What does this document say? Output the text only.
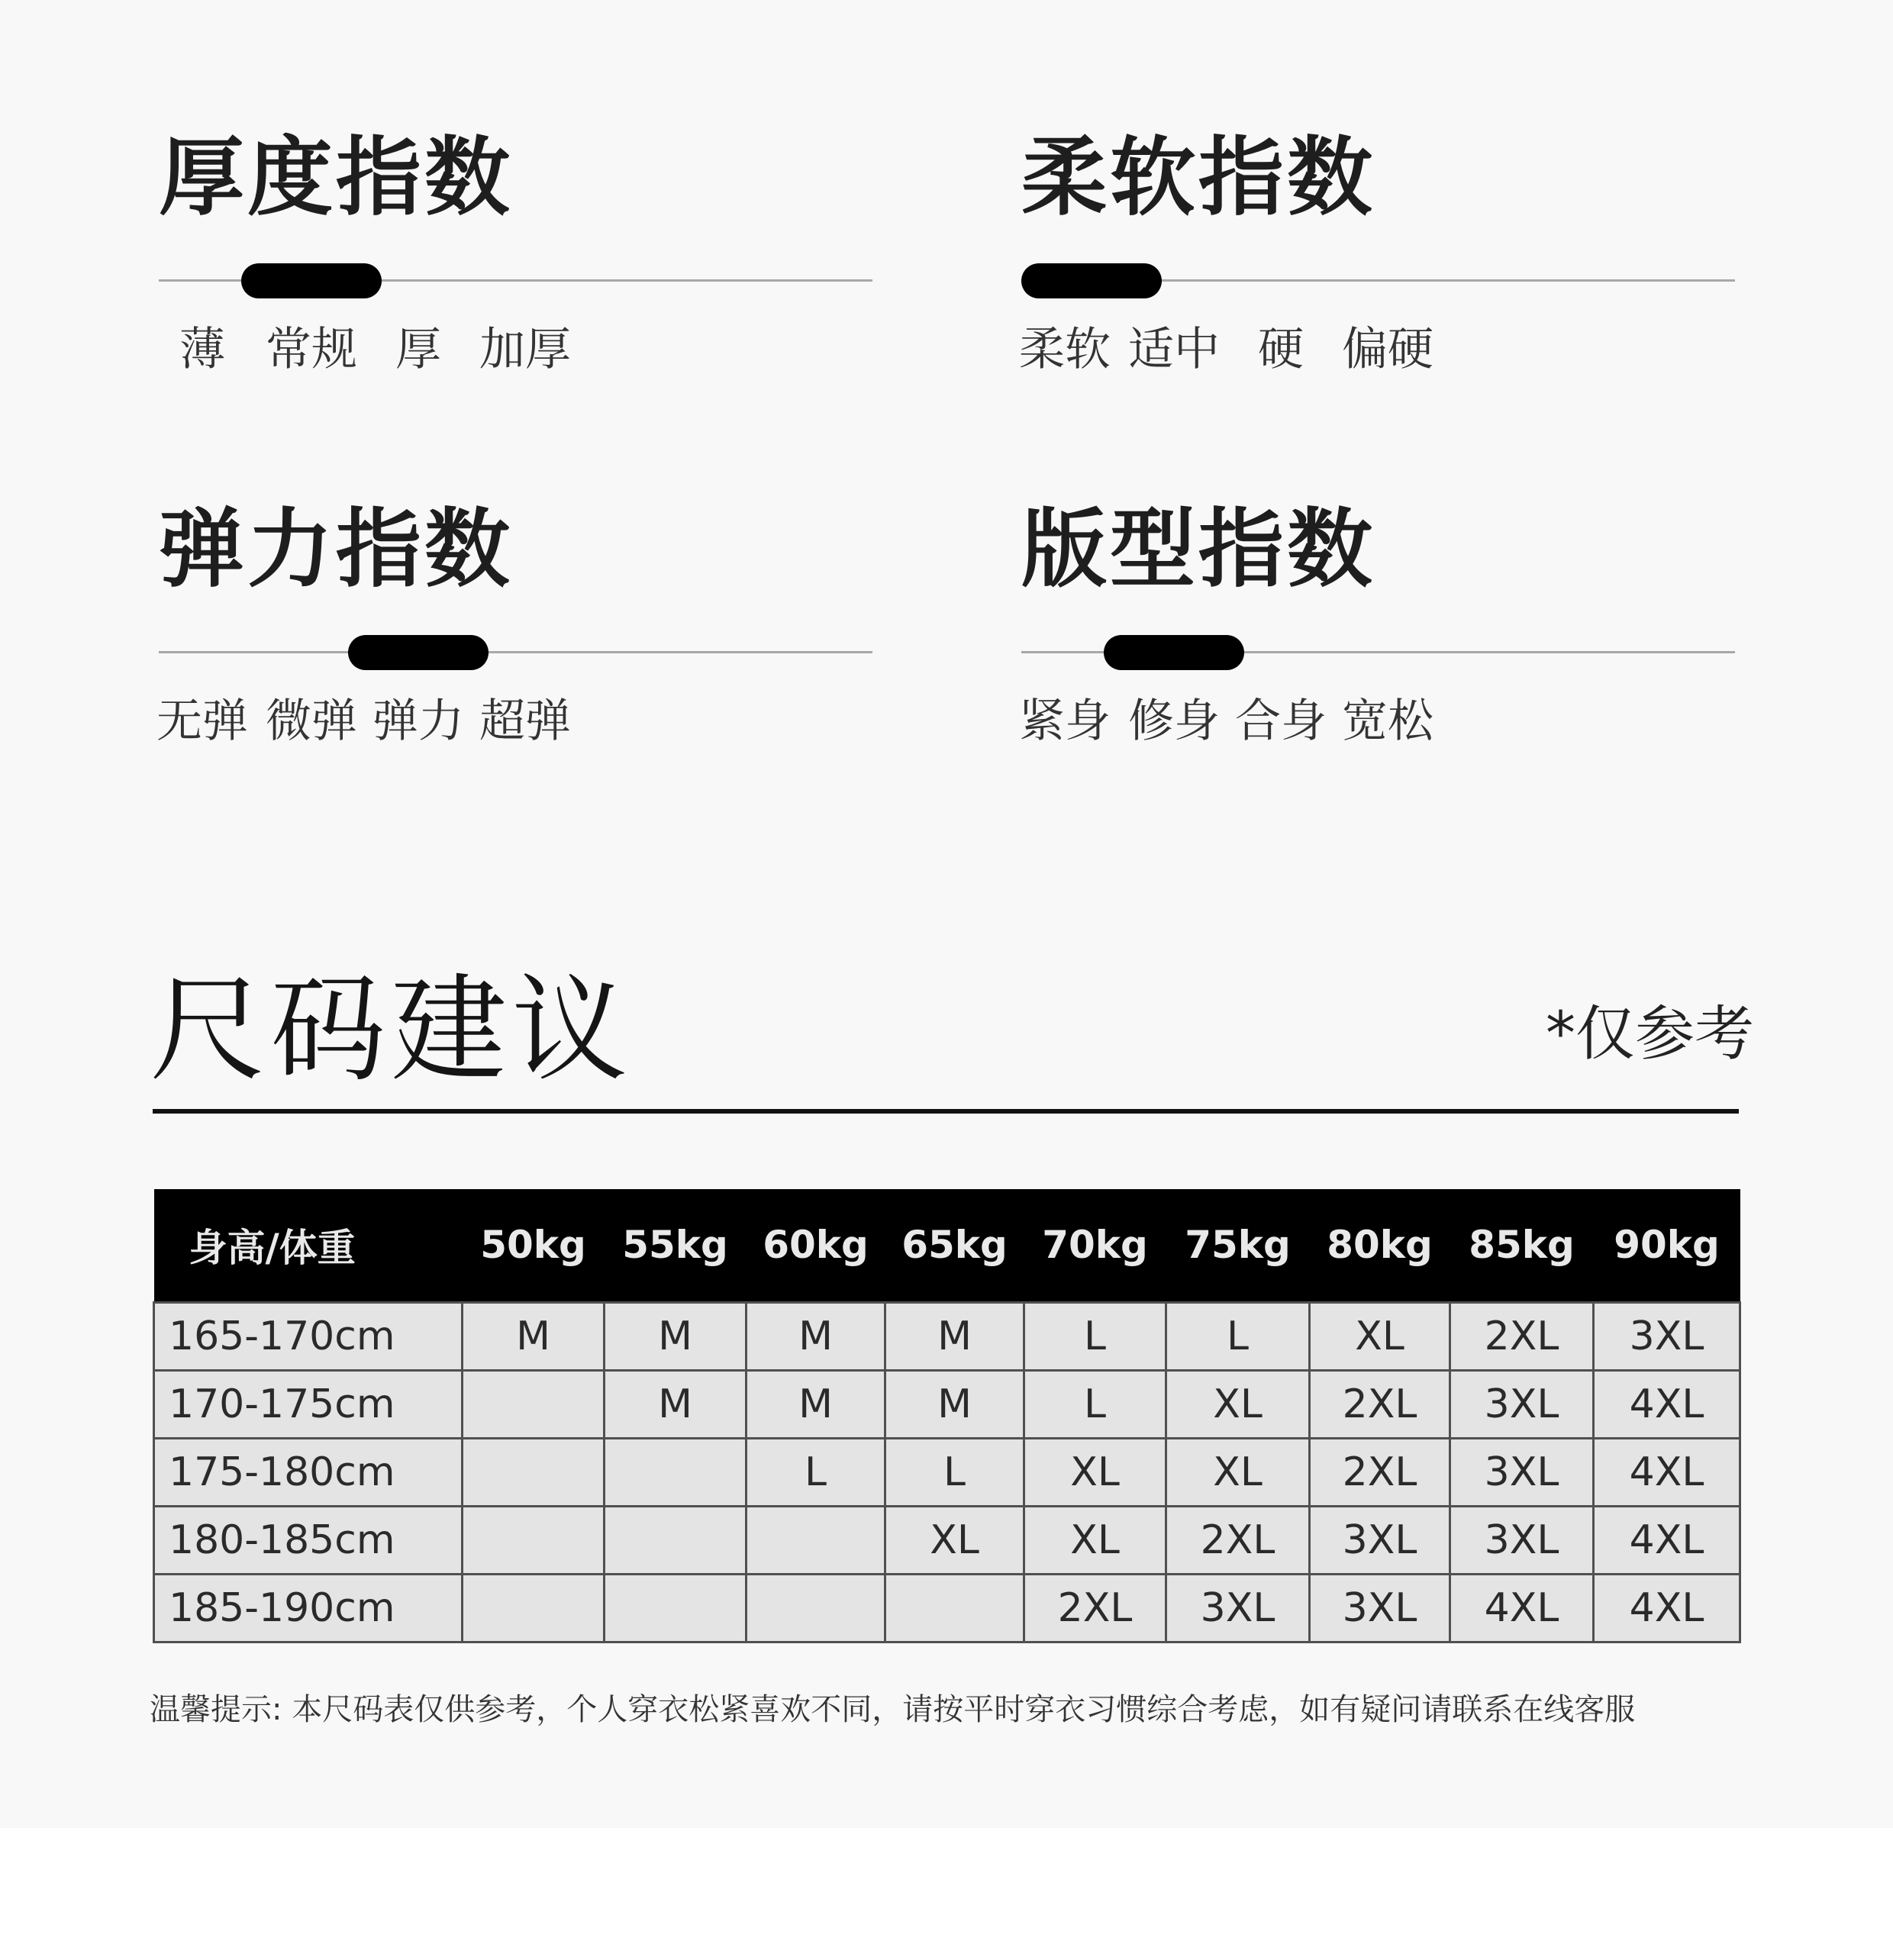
厚度指数
薄 常规 厚 加厚
柔软指数
柔软 适中 硬 偏硬
弹力指数
无弹 微弹 弹力 超弹
版型指数
紧身 修身 合身 宽松
尺码建议	*仅参考
身高/体重	50kg	55kg	60kg	65kg	70kg	75kg	80kg	85kg	90kg
165-170cm	M	M	M	M	L	L	XL	2XL	3XL
170-175cm		M	M	M	L	XL	2XL	3XL	4XL
175-180cm			L	L	XL	XL	2XL	3XL	4XL
180-185cm				XL	XL	2XL	3XL	3XL	4XL
185-190cm					2XL	3XL	3XL	4XL	4XL
温馨提示: 本尺码表仅供参考，个人穿衣松紧喜欢不同，请按平时穿衣习惯综合考虑，如有疑问请联系在线客服
